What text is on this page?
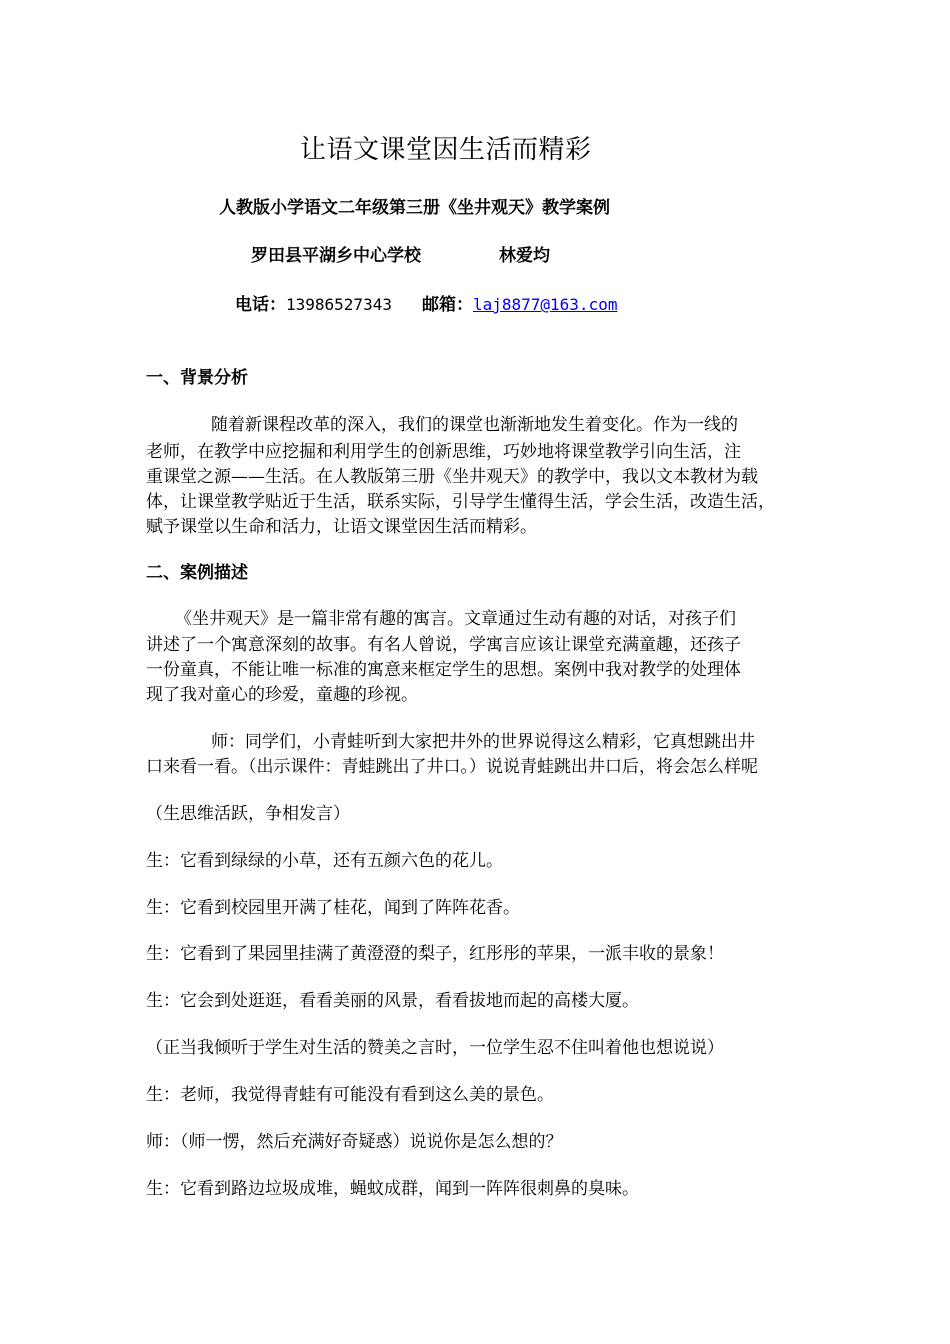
让语文课堂因生活而精彩
人教版小学语文二年级第三册《坐井观天》教学案例
罗田县平湖乡中心学校	林爱均
电话：13986527343 邮箱：laj8877@163.com
一、背景分析
随着新课程改革的深入，我们的课堂也渐渐地发生着变化。作为一线的
老师，在教学中应挖掘和利用学生的创新思维，巧妙地将课堂教学引向生活，注
重课堂之源——生活。在人教版第三册《坐井观天》的教学中，我以文本教材为载
体，让课堂教学贴近于生活，联系实际，引导学生懂得生活，学会生活，改造生活，
赋予课堂以生命和活力，让语文课堂因生活而精彩。
二、案例描述
《坐井观天》是一篇非常有趣的寓言。文章通过生动有趣的对话，对孩子们
讲述了一个寓意深刻的故事。有名人曾说，学寓言应该让课堂充满童趣，还孩子
一份童真，不能让唯一标准的寓意来框定学生的思想。案例中我对教学的处理体
现了我对童心的珍爱，童趣的珍视。
师：同学们，小青蛙听到大家把井外的世界说得这么精彩，它真想跳出井
口来看一看。（出示课件：青蛙跳出了井口。）说说青蛙跳出井口后，将会怎么样呢
（生思维活跃，争相发言）
生：它看到绿绿的小草，还有五颜六色的花儿。
生：它看到校园里开满了桂花，闻到了阵阵花香。
生：它看到了果园里挂满了黄澄澄的梨子，红彤彤的苹果，一派丰收的景象！
生：它会到处逛逛，看看美丽的风景，看看拔地而起的高楼大厦。
（正当我倾听于学生对生活的赞美之言时，一位学生忍不住叫着他也想说说）
生：老师，我觉得青蛙有可能没有看到这么美的景色。
师：（师一愣，然后充满好奇疑惑）说说你是怎么想的？
生：它看到路边垃圾成堆，蝇蚊成群，闻到一阵阵很刺鼻的臭味。
